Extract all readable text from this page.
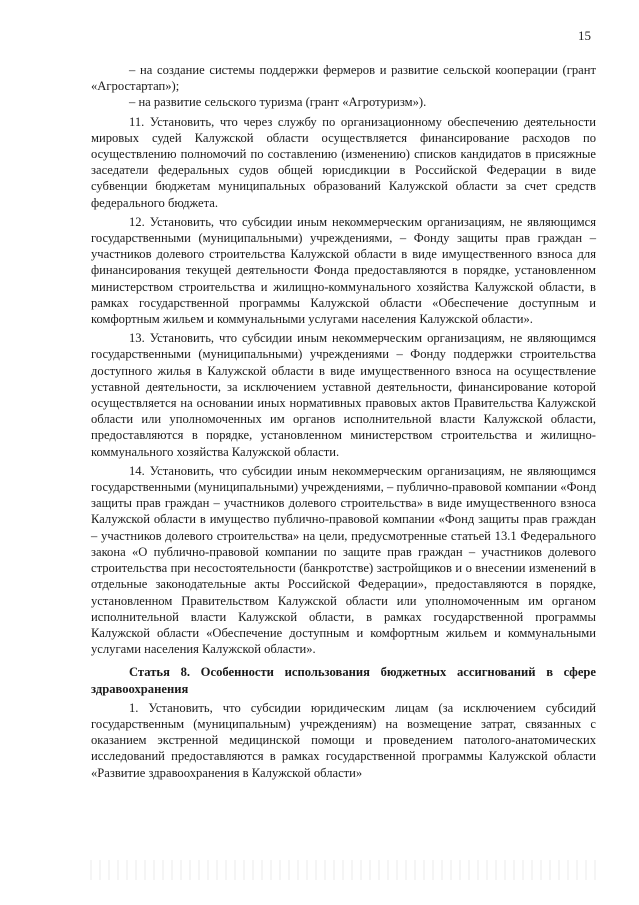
15

– на создание системы поддержки фермеров и развитие сельской кооперации (грант «Агростартап»);

– на развитие сельского туризма (грант «Агротуризм»).

11. Установить, что через службу по организационному обеспечению деятельности мировых судей Калужской области осуществляется финансирование расходов по осуществлению полномочий по составлению (изменению) списков кандидатов в присяжные заседатели федеральных судов общей юрисдикции в Российской Федерации в виде субвенции бюджетам муниципальных образований Калужской области за счет средств федерального бюджета.

12. Установить, что субсидии иным некоммерческим организациям, не являющимся государственными (муниципальными) учреждениями, – Фонду защиты прав граждан – участников долевого строительства Калужской области в виде имущественного взноса для финансирования текущей деятельности Фонда предоставляются в порядке, установленном министерством строительства и жилищно-коммунального хозяйства Калужской области, в рамках государственной программы Калужской области «Обеспечение доступным и комфортным жильем и коммунальными услугами населения Калужской области».

13. Установить, что субсидии иным некоммерческим организациям, не являющимся государственными (муниципальными) учреждениями – Фонду поддержки строительства доступного жилья в Калужской области в виде имущественного взноса на осуществление уставной деятельности, за исключением уставной деятельности, финансирование которой осуществляется на основании иных нормативных правовых актов Правительства Калужской области или уполномоченных им органов исполнительной власти Калужской области, предоставляются в порядке, установленном министерством строительства и жилищно-коммунального хозяйства Калужской области.

14. Установить, что субсидии иным некоммерческим организациям, не являющимся государственными (муниципальными) учреждениями, – публично-правовой компании «Фонд защиты прав граждан – участников долевого строительства» в виде имущественного взноса Калужской области в имущество публично-правовой компании «Фонд защиты прав граждан – участников долевого строительства» на цели, предусмотренные статьей 13.1 Федерального закона «О публично-правовой компании по защите прав граждан – участников долевого строительства при несостоятельности (банкротстве) застройщиков и о внесении изменений в отдельные законодательные акты Российской Федерации», предоставляются в порядке, установленном Правительством Калужской области или уполномоченным им органом исполнительной власти Калужской области, в рамках государственной программы Калужской области «Обеспечение доступным и комфортным жильем и коммунальными услугами населения Калужской области».

Статья 8. Особенности использования бюджетных ассигнований в сфере здравоохранения

1. Установить, что субсидии юридическим лицам (за исключением субсидий государственным (муниципальным) учреждениям) на возмещение затрат, связанных с оказанием экстренной медицинской помощи и проведением патолого-анатомических исследований предоставляются в рамках государственной программы Калужской области «Развитие здравоохранения в Калужской области»
